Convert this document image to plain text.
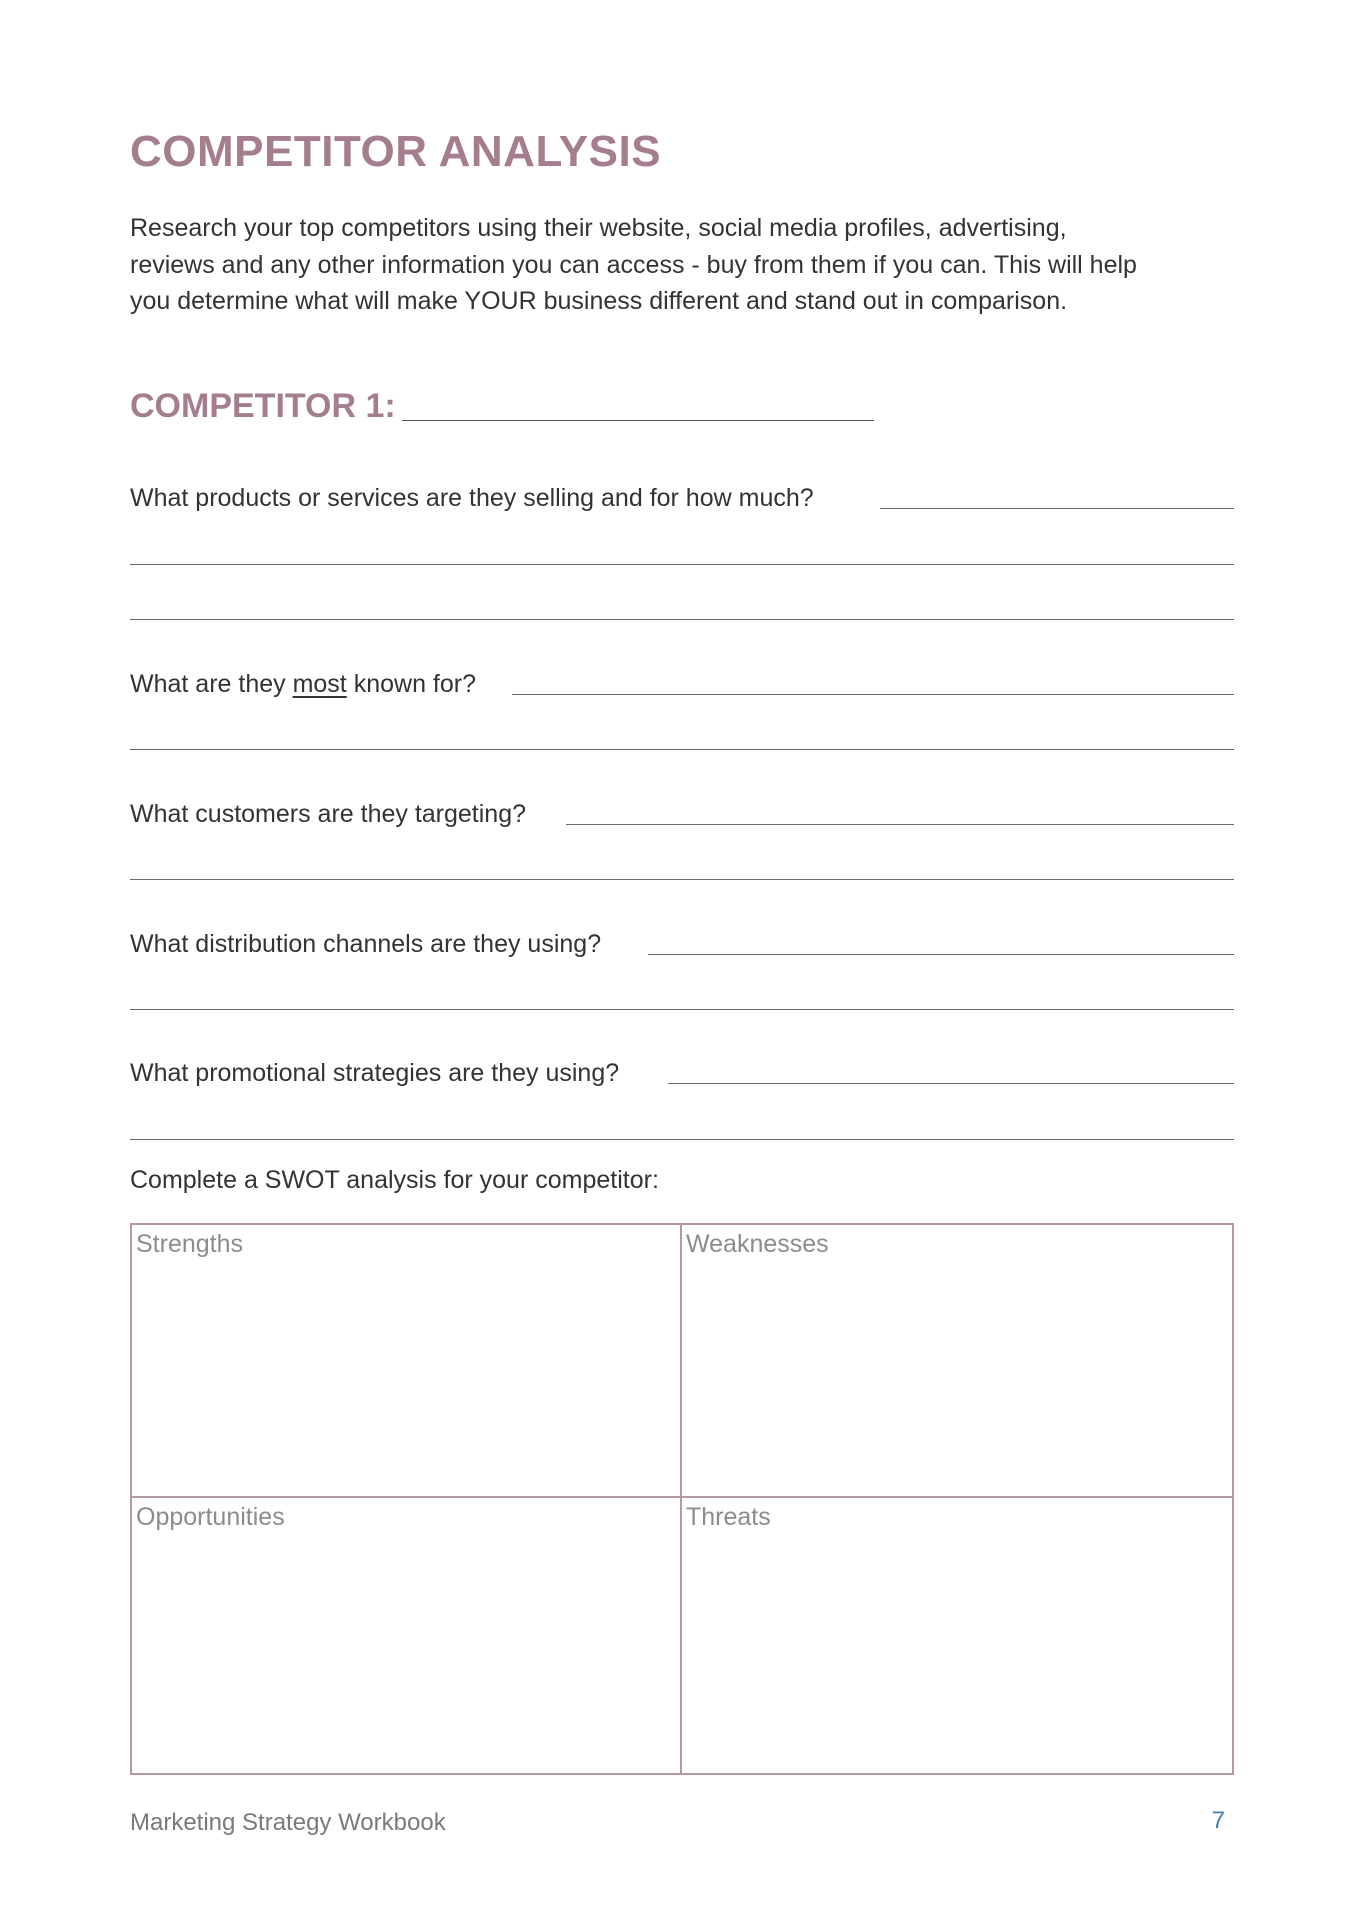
COMPETITOR ANALYSIS
Research your top competitors using their website, social media profiles, advertising,
reviews and any other information you can access - buy from them if you can. This will help
you determine what will make YOUR business different and stand out in comparison.
COMPETITOR 1:
What products or services are they selling and for how much?
What are they most known for?
What customers are they targeting?
What distribution channels are they using?
What promotional strategies are they using?
Complete a SWOT analysis for your competitor:
Strengths	Weaknesses
Opportunities	Threats
Marketing Strategy Workbook	7
